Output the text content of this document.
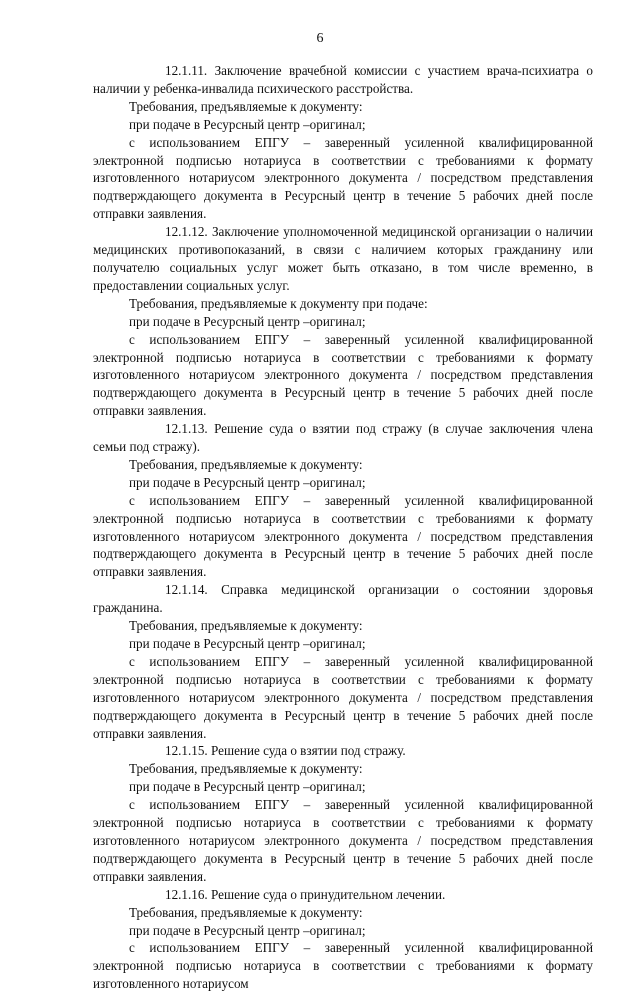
6

12.1.11. Заключение врачебной комиссии с участием врача-психиатра о наличии у ребенка-инвалида психического расстройства.

Требования, предъявляемые к документу:

при подаче в Ресурсный центр –оригинал;

с использованием ЕПГУ – заверенный усиленной квалифицированной электронной подписью нотариуса в соответствии с требованиями к формату изготовленного нотариусом электронного документа / посредством представления подтверждающего документа в Ресурсный центр в течение 5 рабочих дней после отправки заявления.

12.1.12. Заключение уполномоченной медицинской организации о наличии медицинских противопоказаний, в связи с наличием которых гражданину или получателю социальных услуг может быть отказано, в том числе временно, в предоставлении социальных услуг.

Требования, предъявляемые к документу при подаче:

при подаче в Ресурсный центр –оригинал;

с использованием ЕПГУ – заверенный усиленной квалифицированной электронной подписью нотариуса в соответствии с требованиями к формату изготовленного нотариусом электронного документа / посредством представления подтверждающего документа в Ресурсный центр в течение 5 рабочих дней после отправки заявления.

12.1.13. Решение суда о взятии под стражу (в случае заключения члена семьи под стражу).

Требования, предъявляемые к документу:

при подаче в Ресурсный центр –оригинал;

с использованием ЕПГУ – заверенный усиленной квалифицированной электронной подписью нотариуса в соответствии с требованиями к формату изготовленного нотариусом электронного документа / посредством представления подтверждающего документа в Ресурсный центр в течение 5 рабочих дней после отправки заявления.

12.1.14. Справка медицинской организации о состоянии здоровья гражданина.

Требования, предъявляемые к документу:

при подаче в Ресурсный центр –оригинал;

с использованием ЕПГУ – заверенный усиленной квалифицированной электронной подписью нотариуса в соответствии с требованиями к формату изготовленного нотариусом электронного документа / посредством представления подтверждающего документа в Ресурсный центр в течение 5 рабочих дней после отправки заявления.

12.1.15. Решение суда о взятии под стражу.

Требования, предъявляемые к документу:

при подаче в Ресурсный центр –оригинал;

с использованием ЕПГУ – заверенный усиленной квалифицированной электронной подписью нотариуса в соответствии с требованиями к формату изготовленного нотариусом электронного документа / посредством представления подтверждающего документа в Ресурсный центр в течение 5 рабочих дней после отправки заявления.

12.1.16. Решение суда о принудительном лечении.

Требования, предъявляемые к документу:

при подаче в Ресурсный центр –оригинал;

с использованием ЕПГУ – заверенный усиленной квалифицированной электронной подписью нотариуса в соответствии с требованиями к формату изготовленного нотариусом
